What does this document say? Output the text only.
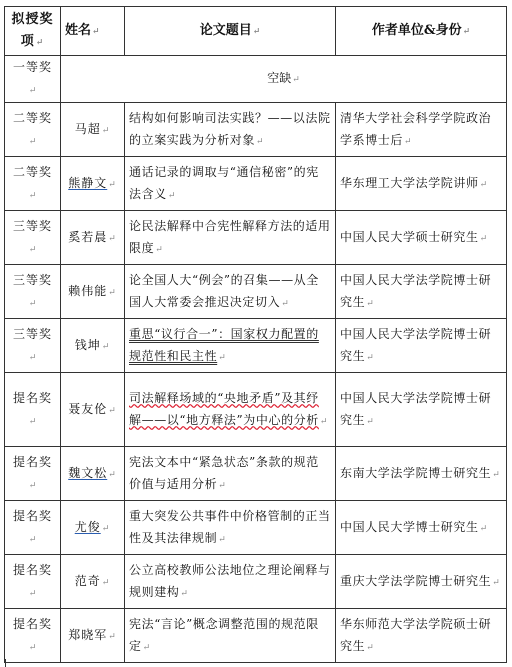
拟授奖项↵	姓名↵	论文题目↵	作者单位&身份↵
一等奖↵	空缺↵		
二等奖↵	马超↵	结构如何影响司法实践？——以法院的立案实践为分析对象↵	清华大学社会科学学院政治学系博士后↵
二等奖↵	熊静文↵	通话记录的调取与“通信秘密”的宪法含义↵	华东理工大学法学院讲师↵
三等奖↵	奚若晨↵	论民法解释中合宪性解释方法的适用限度↵	中国人民大学硕士研究生↵
三等奖↵	赖伟能↵	论全国人大“例会”的召集——从全国人大常委会推迟决定切入↵	中国人民大学法学院博士研究生↵
三等奖↵	钱坤↵	重思“议行合一”：国家权力配置的规范性和民主性↵	中国人民大学法学院博士研究生↵
提名奖↵	聂友伦↵	司法解释场域的“央地矛盾”及其纾解——以“地方释法”为中心的分析↵	中国人民大学法学院博士研究生↵
提名奖↵	魏文松↵	宪法文本中“紧急状态”条款的规范价值与适用分析↵	东南大学法学院博士研究生↵
提名奖↵	尤俊↵	重大突发公共事件中价格管制的正当性及其法律规制↵	中国人民大学博士研究生↵
提名奖↵	范奇↵	公立高校教师公法地位之理论阐释与规则建构↵	重庆大学法学院博士研究生↵
提名奖↵	郑晓军↵	宪法“言论”概念调整范围的规范限定↵	华东师范大学法学院硕士研究生↵
